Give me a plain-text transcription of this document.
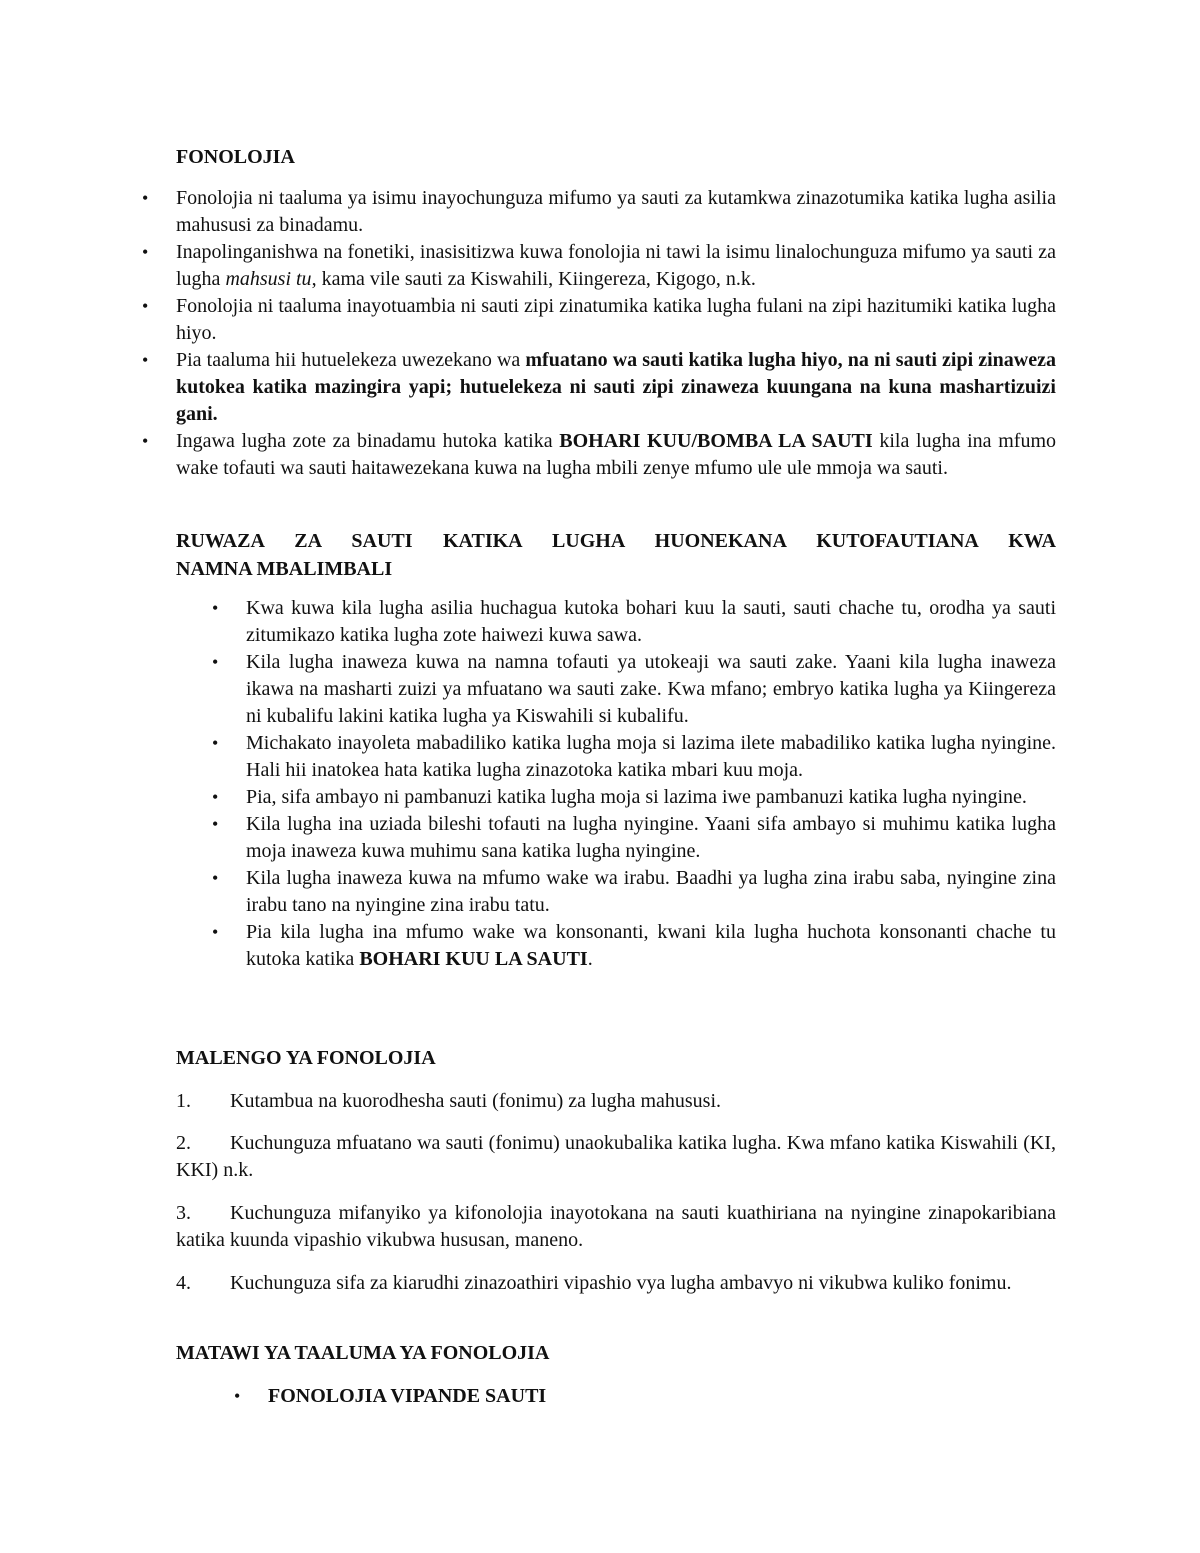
FONOLOJIA
• Fonolojia ni taaluma ya isimu inayochunguza mifumo ya sauti za kutamkwa zinazotumika katika lugha asilia mahususi za binadamu.
• Inapolinganishwa na fonetiki, inasisitizwa kuwa fonolojia ni tawi la isimu linalochunguza mifumo ya sauti za lugha mahsusi tu, kama vile sauti za Kiswahili, Kiingereza, Kigogo, n.k.
• Fonolojia ni taaluma inayotuambia ni sauti zipi zinatumika katika lugha fulani na zipi hazitumiki katika lugha hiyo.
• Pia taaluma hii hutuelekeza uwezekano wa mfuatano wa sauti katika lugha hiyo, na ni sauti zipi zinaweza kutokea katika mazingira yapi; hutuelekeza ni sauti zipi zinaweza kuungana na kuna mashartizuizi gani.
• Ingawa lugha zote za binadamu hutoka katika BOHARI KUU/BOMBA LA SAUTI kila lugha ina mfumo wake tofauti wa sauti haitawezekana kuwa na lugha mbili zenye mfumo ule ule mmoja wa sauti.
RUWAZA ZA SAUTI KATIKA LUGHA HUONEKANA KUTOFAUTIANA KWA
NAMNA MBALIMBALI
• Kwa kuwa kila lugha asilia huchagua kutoka bohari kuu la sauti, sauti chache tu, orodha ya sauti zitumikazo katika lugha zote haiwezi kuwa sawa.
• Kila lugha inaweza kuwa na namna tofauti ya utokeaji wa sauti zake. Yaani kila lugha inaweza ikawa na masharti zuizi ya mfuatano wa sauti zake. Kwa mfano; embryo katika lugha ya Kiingereza ni kubalifu lakini katika lugha ya Kiswahili si kubalifu.
• Michakato inayoleta mabadiliko katika lugha moja si lazima ilete mabadiliko katika lugha nyingine. Hali hii inatokea hata katika lugha zinazotoka katika mbari kuu moja.
• Pia, sifa ambayo ni pambanuzi katika lugha moja si lazima iwe pambanuzi katika lugha nyingine.
• Kila lugha ina uziada bileshi tofauti na lugha nyingine. Yaani sifa ambayo si muhimu katika lugha moja inaweza kuwa muhimu sana katika lugha nyingine.
• Kila lugha inaweza kuwa na mfumo wake wa irabu. Baadhi ya lugha zina irabu saba, nyingine zina irabu tano na nyingine zina irabu tatu.
• Pia kila lugha ina mfumo wake wa konsonanti, kwani kila lugha huchota konsonanti chache tu kutoka katika BOHARI KUU LA SAUTI.
MALENGO YA FONOLOJIA

1. Kutambua na kuorodhesha sauti (fonimu) za lugha mahususi.

2. Kuchunguza mfuatano wa sauti (fonimu) unaokubalika katika lugha. Kwa mfano katika Kiswahili (KI, KKI) n.k.

3. Kuchunguza mifanyiko ya kifonolojia inayotokana na sauti kuathiriana na nyingine zinapokaribiana katika kuunda vipashio vikubwa hususan, maneno.

4. Kuchunguza sifa za kiarudhi zinazoathiri vipashio vya lugha ambavyo ni vikubwa kuliko fonimu.

MATAWI YA TAALUMA YA FONOLOJIA
• FONOLOJIA VIPANDE SAUTI
